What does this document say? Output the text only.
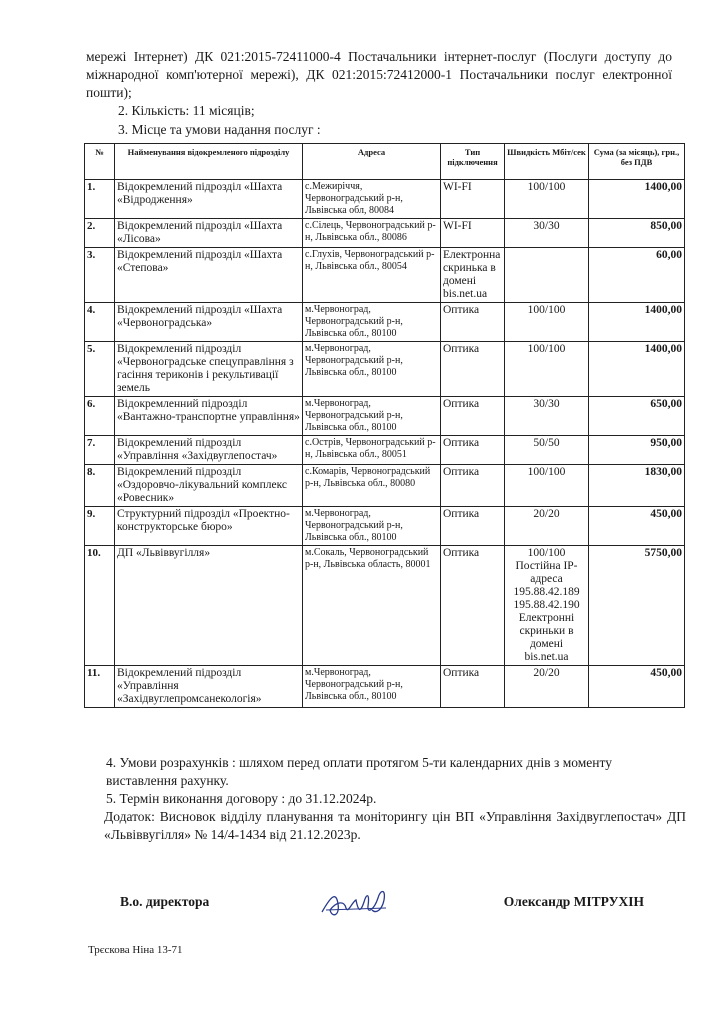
мережі Інтернет) ДК 021:2015-72411000-4 Постачальники інтернет-послуг (Послуги доступу до міжнародної комп'ютерної мережі), ДК 021:2015:72412000-1 Постачальники послуг електронної пошти);

2. Кількість: 11 місяців;
3. Місце та умови надання послуг :
№	Найменування відокремленого підрозділу	Адреса	Тип підключення	Швидкість Мбіт/сек	Сума (за місяць), грн., без ПДВ
1.	Відокремлений підрозділ «Шахта «Відродження»	с.Межиріччя, Червоноградський р-н, Львівська обл, 80084	WI-FI	100/100	1400,00
2.	Відокремлений підрозділ «Шахта «Лісова»	с.Сілець, Червоноградський р-н, Львівська обл., 80086	WI-FI	30/30	850,00
3.	Відокремлений підрозділ «Шахта «Степова»	с.Глухів, Червоноградський р-н, Львівська обл., 80054	Електронна скринька в домені bis.net.ua		60,00
4.	Відокремлений підрозділ «Шахта «Червоноградська»	м.Червоноград, Червоноградський р-н, Львівська обл., 80100	Оптика	100/100	1400,00
5.	Відокремлений підрозділ «Червоноградське спецуправління з гасіння териконів і рекультивації земель	м.Червоноград, Червоноградський р-н, Львівська обл., 80100	Оптика	100/100	1400,00
6.	Відокремленний підрозділ «Вантажно-транспортне управління»	м.Червоноград, Червоноградський р-н, Львівська обл., 80100	Оптика	30/30	650,00
7.	Відокремлений підрозділ «Управління «Західвуглепостач»	с.Острів, Червоноградський р-н, Львівська обл., 80051	Оптика	50/50	950,00
8.	Відокремлений підрозділ «Оздоровчо-лікувальний комплекс «Ровесник»	с.Комарів, Червоноградський р-н, Львівська обл., 80080	Оптика	100/100	1830,00
9.	Структурний підрозділ «Проектно-конструкторське бюро»	м.Червоноград, Червоноградський р-н, Львівська обл., 80100	Оптика	20/20	450,00
10.	ДП «Львіввугілля»	м.Сокаль, Червоноградський р-н, Львівська область, 80001	Оптика	100/100 Постійна IP-адреса 195.88.42.189 195.88.42.190 Електронні скриньки в домені bis.net.ua	5750,00
11.	Відокремлений підрозділ «Управління «Західвуглепромсанекологія»	м.Червоноград, Червоноградський р-н, Львівська обл., 80100	Оптика	20/20	450,00
4. Умови розрахунків : шляхом перед оплати протягом 5-ти календарних днів з моменту виставлення рахунку.
5. Термін виконання договору : до 31.12.2024р.
Додаток: Висновок відділу планування та моніторингу цін ВП «Управління Західвуглепостач» ДП «Львіввугілля» № 14/4-1434 від 21.12.2023р.
В.о. директора	Олександр МІТРУХІН
Трєскова Ніна 13-71
